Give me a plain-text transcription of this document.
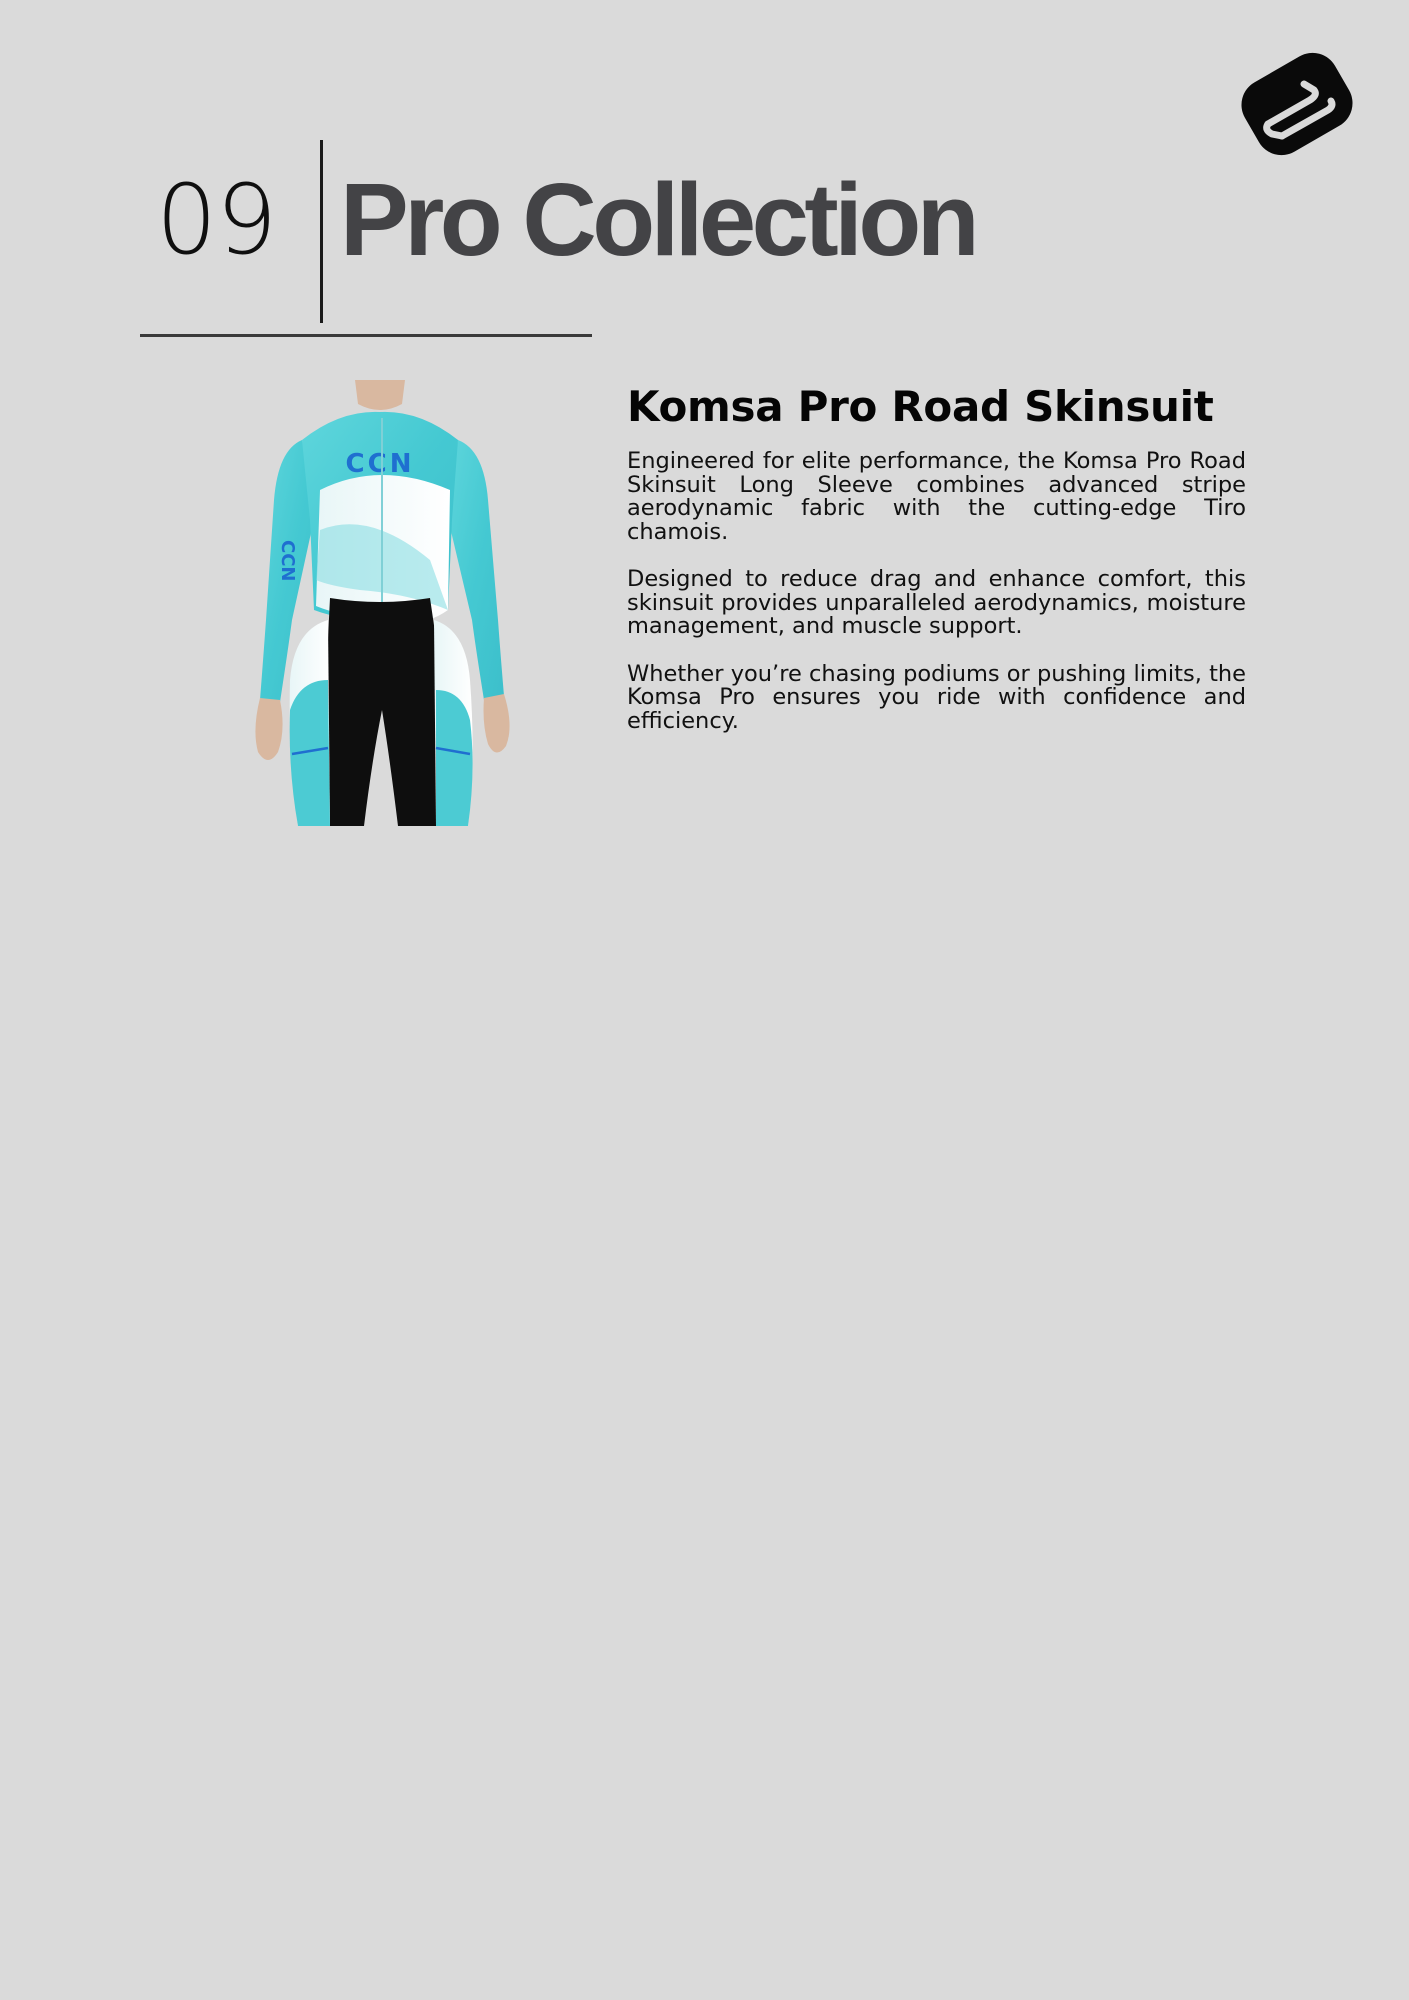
09 Pro Collection
CCN
CCN
Komsa Pro Road Skinsuit

Engineered for elite performance, the Komsa Pro Road Skinsuit Long Sleeve combines advanced stripe aerodynamic fabric with the cutting-edge Tiro chamois.

Designed to reduce drag and enhance comfort, this skinsuit provides unparalleled aerodynamics, moisture management, and muscle support.

Whether you’re chasing podiums or pushing limits, the Komsa Pro ensures you ride with confidence and efficiency.
